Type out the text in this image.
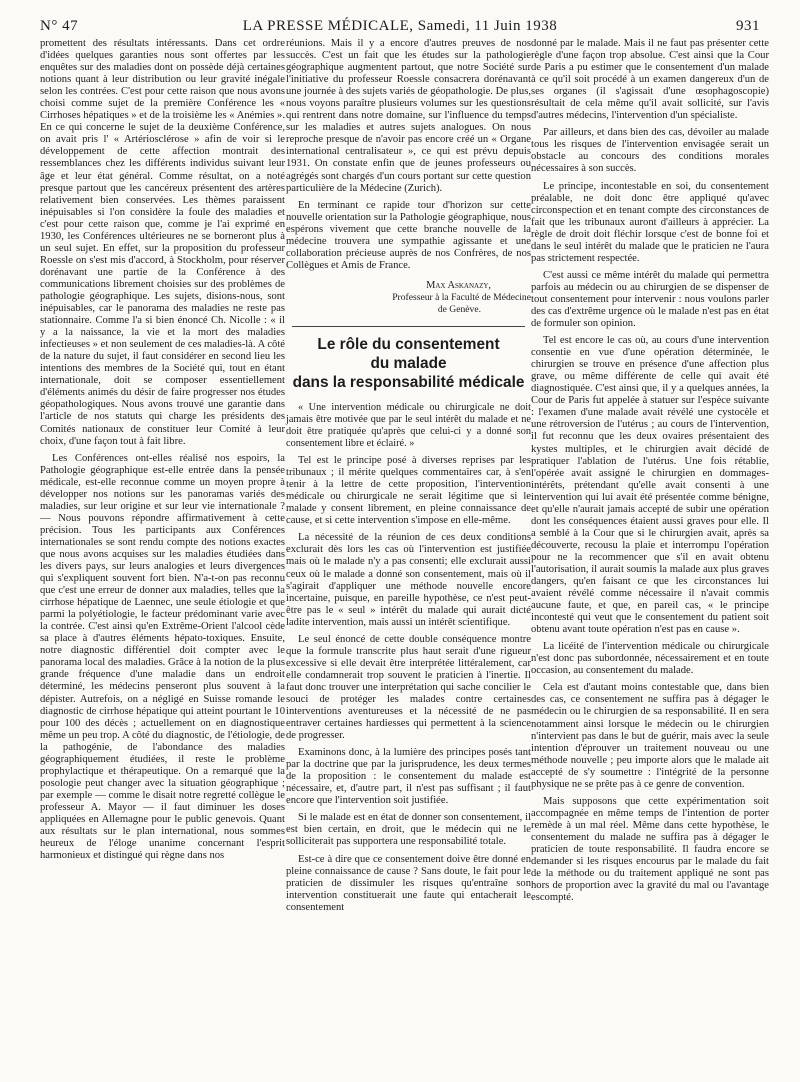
N° 47	LA PRESSE MÉDICALE, Samedi, 11 Juin 1938	931

promettent des résultats intéressants. Dans cet ordre d'idées quelques garanties nous sont offertes par les enquêtes sur des maladies dont on possède déjà certaines notions quant à leur distribution ou leur gravité inégale selon les contrées. C'est pour cette raison que nous avons choisi comme sujet de la première Conférence les « Cirrhoses hépatiques » et de la troisième les « Anémies ». En ce qui concerne le sujet de la deuxième Conférence, on avait pris l' « Artériosclérose » afin de voir si le développement de cette affection montrait des ressemblances chez les différents individus suivant leur âge et leur état général. Comme résultat, on a noté presque partout que les cancéreux présentent des artères relativement bien conservées. Les thèmes paraissent inépuisables si l'on considère la foule des maladies et c'est pour cette raison que, comme je l'ai exprimé en 1930, les Conférences ultérieures ne se borneront plus à un seul sujet. En effet, sur la proposition du professeur Roessle on s'est mis d'accord, à Stockholm, pour réserver dorénavant une partie de la Conférence à des communications librement choisies sur des problèmes de pathologie géographique. Les sujets, disions-nous, sont inépuisables, car le panorama des maladies ne reste pas stationnaire. Comme l'a si bien énoncé Ch. Nicolle : « il y a la naissance, la vie et la mort des maladies infectieuses » et non seulement de ces maladies-là. A côté de la nature du sujet, il faut considérer en second lieu les intentions des membres de la Société qui, tout en étant internationale, doit se composer essentiellement d'éléments animés du désir de faire progresser nos études géopathologiques. Nous avons trouvé une garantie dans l'article de nos statuts qui charge les présidents des Comités nationaux de constituer leur Comité à leur choix, d'une façon tout à fait libre.

Les Conférences ont-elles réalisé nos espoirs, la Pathologie géographique est-elle entrée dans la pensée médicale, est-elle reconnue comme un moyen propre à développer nos notions sur les panoramas variés des maladies, sur leur origine et sur leur vie internationale ? — Nous pouvons répondre affirmativement à cette précision. Tous les participants aux Conférences internationales se sont rendu compte des notions exactes que nous avons acquises sur les maladies étudiées dans les divers pays, sur leurs analogies et leurs divergences qui s'expliquent souvent fort bien. N'a-t-on pas reconnu que c'est une erreur de donner aux maladies, telles que la cirrhose hépatique de Laennec, une seule étiologie et que parmi la polyétiologie, le facteur prédominant varie avec la contrée. C'est ainsi qu'en Extrême-Orient l'alcool cède sa place à d'autres éléments hépato-toxiques. Ensuite, notre diagnostic différentiel doit compter avec le panorama local des maladies. Grâce à la notion de la plus grande fréquence d'une maladie dans un endroit déterminé, les médecins penseront plus souvent à la dépister. Autrefois, on a négligé en Suisse romande le diagnostic de cirrhose hépatique qui atteint pourtant le 10 pour 100 des décès ; actuellement on en diagnostique même un peu trop. A côté du diagnostic, de l'étiologie, de la pathogénie, de l'abondance des maladies géographiquement étudiées, il reste le problème prophylactique et thérapeutique. On a remarqué que la posologie peut changer avec la situation géographique ; par exemple — comme le disait notre regretté collègue le professeur A. Mayor — il faut diminuer les doses appliquées en Allemagne pour le public genevois. Quant aux résultats sur le plan international, nous sommes heureux de l'éloge unanime concernant l'esprit harmonieux et distingué qui règne dans nos

réunions. Mais il y a encore d'autres preuves de nos succès. C'est un fait que les études sur la pathologie géographique augmentent partout, que notre Société sur l'initiative du professeur Roessle consacrera dorénavant une journée à des sujets variés de géopathologie. De plus, nous voyons paraître plusieurs volumes sur les questions qui rentrent dans notre domaine, sur l'influence du temps sur les maladies et autres sujets analogues. On nous reproche presque de n'avoir pas encore créé un « Organe international centralisateur », ce qui est prévu depuis 1931. On constate enfin que de jeunes professeurs ou agrégés sont chargés d'un cours portant sur cette question particulière de la Médecine (Zurich).

En terminant ce rapide tour d'horizon sur cette nouvelle orientation sur la Pathologie géographique, nous espérons vivement que cette branche nouvelle de la médecine trouvera une sympathie agissante et une collaboration précieuse auprès de nos Confrères, de nos Collègues et Amis de France.

Max Askanazy,
Professeur à la Faculté de Médecine
de Genève.
Le rôle du consentement
du malade
dans la responsabilité médicale

« Une intervention médicale ou chirurgicale ne doit jamais être motivée que par le seul intérêt du malade et ne doit être pratiquée qu'après que celui-ci y a donné son consentement libre et éclairé. »

Tel est le principe posé à diverses reprises par les tribunaux ; il mérite quelques commentaires car, à s'en tenir à la lettre de cette proposition, l'intervention médicale ou chirurgicale ne serait légitime que si le malade y consent librement, en pleine connaissance de cause, et si cette intervention s'impose en elle-même.

La nécessité de la réunion de ces deux conditions exclurait dès lors les cas où l'intervention est justifiée mais où le malade n'y a pas consenti; elle exclurait aussi ceux où le malade a donné son consentement, mais où il s'agirait d'appliquer une méthode nouvelle encore incertaine, puisque, en pareille hypothèse, ce n'est peut-être pas le « seul » intérêt du malade qui aurait dicté ladite intervention, mais aussi un intérêt scientifique.

Le seul énoncé de cette double conséquence montre que la formule transcrite plus haut serait d'une rigueur excessive si elle devait être interprétée littéralement, car elle condamnerait trop souvent le praticien à l'inertie. Il faut donc trouver une interprétation qui sache concilier le souci de protéger les malades contre certaines interventions aventureuses et la nécessité de ne pas entraver certaines hardiesses qui permettent à la science de progresser.

Examinons donc, à la lumière des principes posés tant par la doctrine que par la jurisprudence, les deux termes de la proposition : le consentement du malade est nécessaire, et, d'autre part, il n'est pas suffisant ; il faut encore que l'intervention soit justifiée.

Si le malade est en état de donner son consentement, il est bien certain, en droit, que le médecin qui ne le solliciterait pas supportera une responsabilité totale.

Est-ce à dire que ce consentement doive être donné en pleine connaissance de cause ? Sans doute, le fait pour le praticien de dissimuler les risques qu'entraîne son intervention constituerait une faute qui entacherait le consentement

donné par le malade. Mais il ne faut pas présenter cette règle d'une façon trop absolue. C'est ainsi que la Cour de Paris a pu estimer que le consentement d'un malade à ce qu'il soit procédé à un examen dangereux d'un de ses organes (il s'agissait d'une œsophagoscopie) résultait de cela même qu'il avait sollicité, sur l'avis d'autres médecins, l'intervention d'un spécialiste.

Par ailleurs, et dans bien des cas, dévoiler au malade tous les risques de l'intervention envisagée serait un obstacle au concours des conditions morales nécessaires à son succès.

Le principe, incontestable en soi, du consentement préalable, ne doit donc être appliqué qu'avec circonspection et en tenant compte des circonstances de fait que les tribunaux auront d'ailleurs à apprécier. La règle de droit doit fléchir lorsque c'est de bonne foi et dans le seul intérêt du malade que le praticien ne l'aura pas strictement respectée.

C'est aussi ce même intérêt du malade qui permettra parfois au médecin ou au chirurgien de se dispenser de tout consentement pour intervenir : nous voulons parler des cas d'extrême urgence où le malade n'est pas en état de formuler son opinion.

Tel est encore le cas où, au cours d'une intervention consentie en vue d'une opération déterminée, le chirurgien se trouve en présence d'une affection plus grave, ou même différente de celle qui avait été diagnostiquée. C'est ainsi que, il y a quelques années, la Cour de Paris fut appelée à statuer sur l'espèce suivante : l'examen d'une malade avait révélé une cystocèle et une rétroversion de l'utérus ; au cours de l'intervention, il fut reconnu que les deux ovaires présentaient des kystes multiples, et le chirurgien avait décidé de pratiquer l'ablation de l'utérus. Une fois rétablie, l'opérée avait assigné le chirurgien en dommages-intérêts, prétendant qu'elle avait consenti à une intervention qui lui avait été présentée comme bénigne, et qu'elle n'aurait jamais accepté de subir une opération dont les conséquences étaient aussi graves pour elle. Il a semblé à la Cour que si le chirurgien avait, après sa découverte, recousu la plaie et interrompu l'opération pour ne la recommencer que s'il en avait obtenu l'autorisation, il aurait soumis la malade aux plus graves dangers, qu'en faisant ce que les circonstances lui avaient révélé comme nécessaire il n'avait commis aucune faute, et que, en pareil cas, « le principe incontesté qui veut que le consentement du patient soit obtenu avant toute opération n'est pas en cause ».

La licéité de l'intervention médicale ou chirurgicale n'est donc pas subordonnée, nécessairement et en toute occasion, au consentement du malade.

Cela est d'autant moins contestable que, dans bien des cas, ce consentement ne suffira pas à dégager le médecin ou le chirurgien de sa responsabilité. Il en sera notamment ainsi lorsque le médecin ou le chirurgien n'intervient pas dans le but de guérir, mais avec la seule intention d'éprouver un traitement nouveau ou une méthode nouvelle ; peu importe alors que le malade ait accepté de s'y soumettre : l'intégrité de la personne physique ne se prête pas à ce genre de convention.

Mais supposons que cette expérimentation soit accompagnée en même temps de l'intention de porter remède à un mal réel. Même dans cette hypothèse, le consentement du malade ne suffira pas à dégager le praticien de toute responsabilité. Il faudra encore se demander si les risques encourus par le malade du fait de la méthode ou du traitement appliqué ne sont pas hors de proportion avec la gravité du mal ou l'avantage escompté.
